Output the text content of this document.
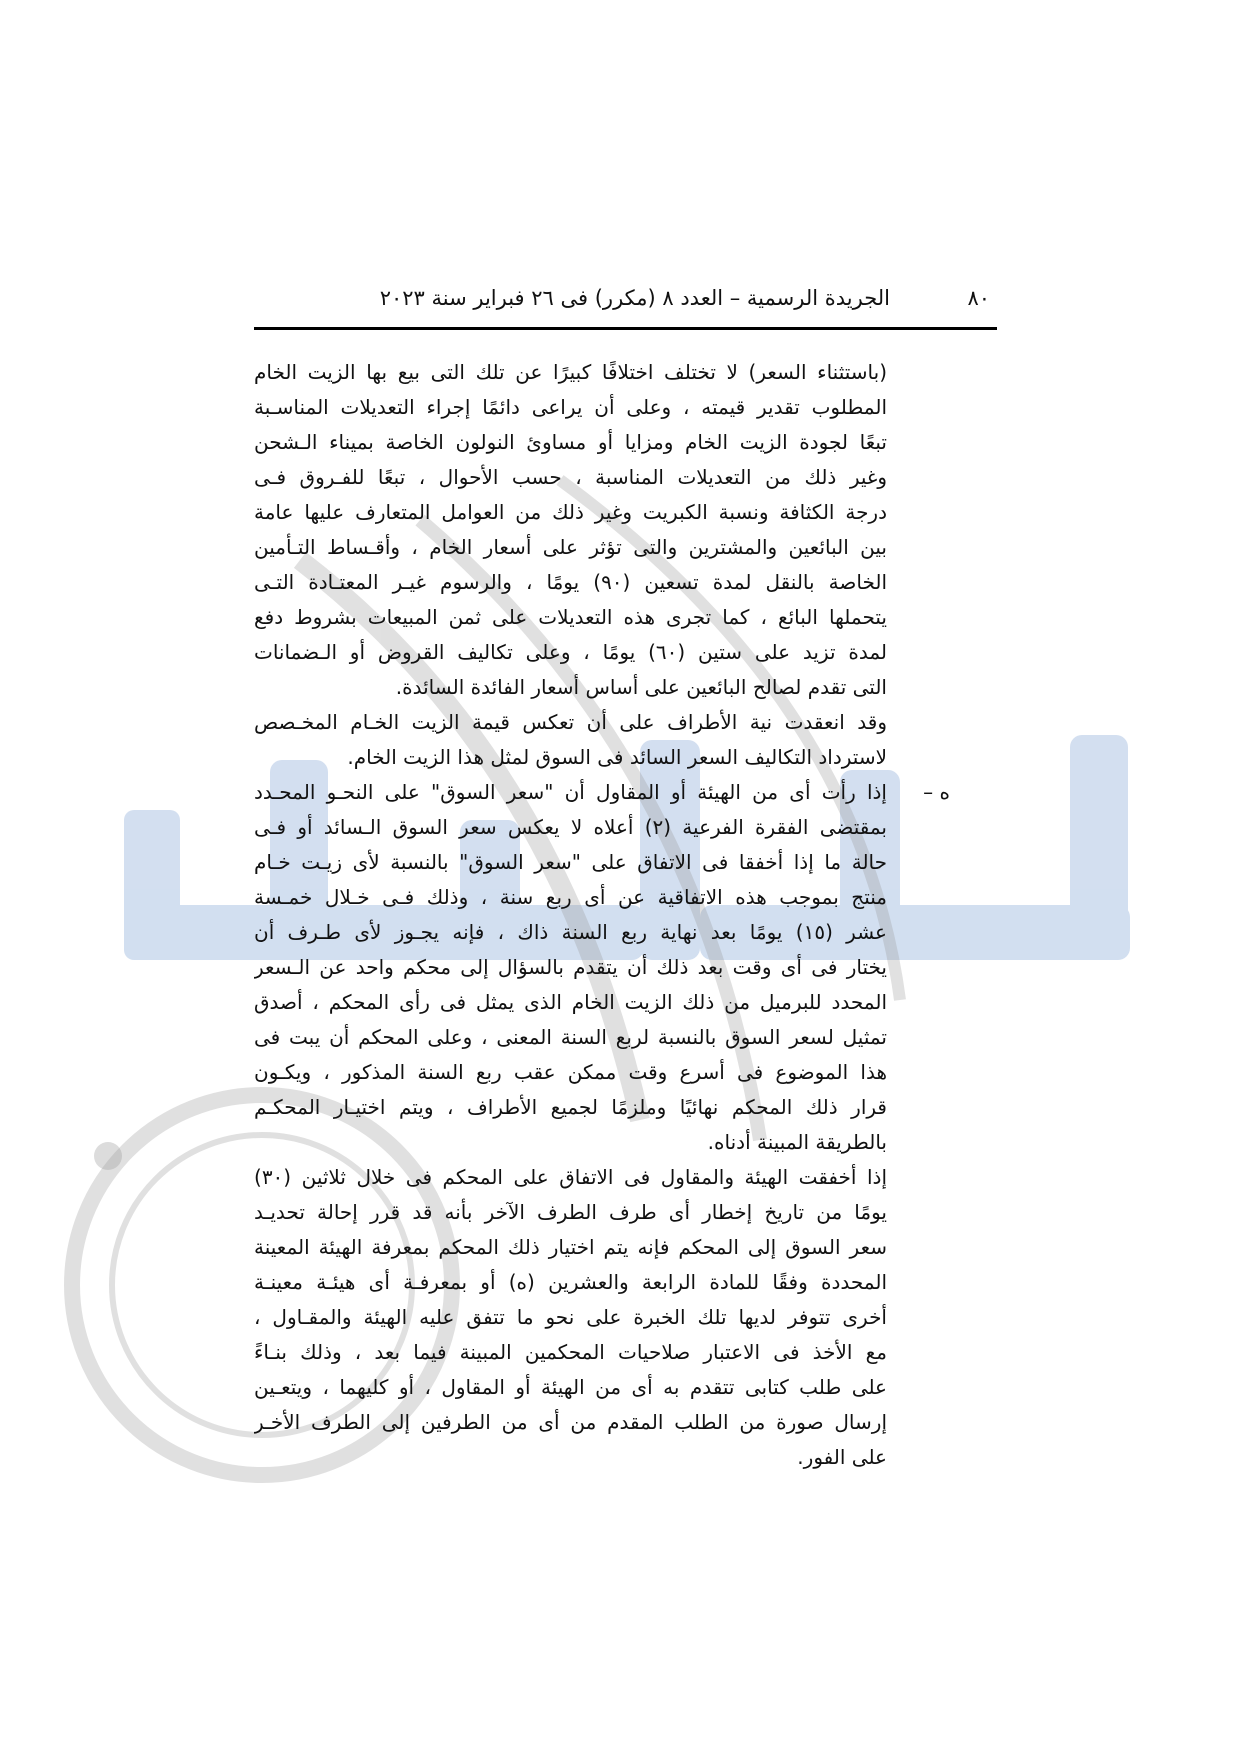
الجريدة الرسمية – العدد ٨ (مكرر) فى ٢٦ فبراير سنة ٢٠٢٣	٨٠
ه –
(باستثناء السعر) لا تختلف اختلافًا كبيرًا عن تلك التى بيع بها الزيت الخام
المطلوب تقدير قيمته ، وعلى أن يراعى دائمًا إجراء التعديلات المناسـبة
تبعًا لجودة الزيت الخام ومزايا أو مساوئ النولون الخاصة بميناء الـشحن
وغير ذلك من التعديلات المناسبة ، حسب الأحوال ، تبعًا للفـروق فـى
درجة الكثافة ونسبة الكبريت وغير ذلك من العوامل المتعارف عليها عامة
بين البائعين والمشترين والتى تؤثر على أسعار الخام ، وأقـساط التـأمين
الخاصة بالنقل لمدة تسعين (٩٠) يومًا ، والرسوم غيـر المعتـادة التـى
يتحملها البائع ، كما تجرى هذه التعديلات على ثمن المبيعات بشروط دفع
لمدة تزيد على ستين (٦٠) يومًا ، وعلى تكاليف القروض أو الـضمانات
التى تقدم لصالح البائعين على أساس أسعار الفائدة السائدة.
وقد انعقدت نية الأطراف على أن تعكس قيمة الزيت الخـام المخـصص
لاسترداد التكاليف السعر السائد فى السوق لمثل هذا الزيت الخام.
إذا رأت أى من الهيئة أو المقاول أن "سعر السوق" على النحـو المحـدد
بمقتضى الفقرة الفرعية (٢) أعلاه لا يعكس سعر السوق الـسائد أو فـى
حالة ما إذا أخفقا فى الاتفاق على "سعر السوق" بالنسبة لأى زيـت خـام
منتج بموجب هذه الاتفاقية عن أى ربع سنة ، وذلك فـى خـلال خمـسة
عشر (١٥) يومًا بعد نهاية ربع السنة ذاك ، فإنه يجـوز لأى طـرف أن
يختار فى أى وقت بعد ذلك أن يتقدم بالسؤال إلى محكم واحد عن الـسعر
المحدد للبرميل من ذلك الزيت الخام الذى يمثل فى رأى المحكم ، أصدق
تمثيل لسعر السوق بالنسبة لربع السنة المعنى ، وعلى المحكم أن يبت فى
هذا الموضوع فى أسرع وقت ممكن عقب ربع السنة المذكور ، ويكـون
قرار ذلك المحكم نهائيًا وملزمًا لجميع الأطراف ، ويتم اختيـار المحكـم
بالطريقة المبينة أدناه.
إذا أخفقت الهيئة والمقاول فى الاتفاق على المحكم فى خلال ثلاثين (٣٠)
يومًا من تاريخ إخطار أى طرف الطرف الآخر بأنه قد قرر إحالة تحديـد
سعر السوق إلى المحكم فإنه يتم اختيار ذلك المحكم بمعرفة الهيئة المعينة
المحددة وفقًا للمادة الرابعة والعشرين (ه) أو بمعرفـة أى هيئـة معينـة
أخرى تتوفر لديها تلك الخبرة على نحو ما تتفق عليه الهيئة والمقـاول ،
مع الأخذ فى الاعتبار صلاحيات المحكمين المبينة فيما بعد ، وذلك بنـاءً
على طلب كتابى تتقدم به أى من الهيئة أو المقاول ، أو كليهما ، ويتعـين
إرسال صورة من الطلب المقدم من أى من الطرفين إلى الطرف الأخـر
على الفور.
